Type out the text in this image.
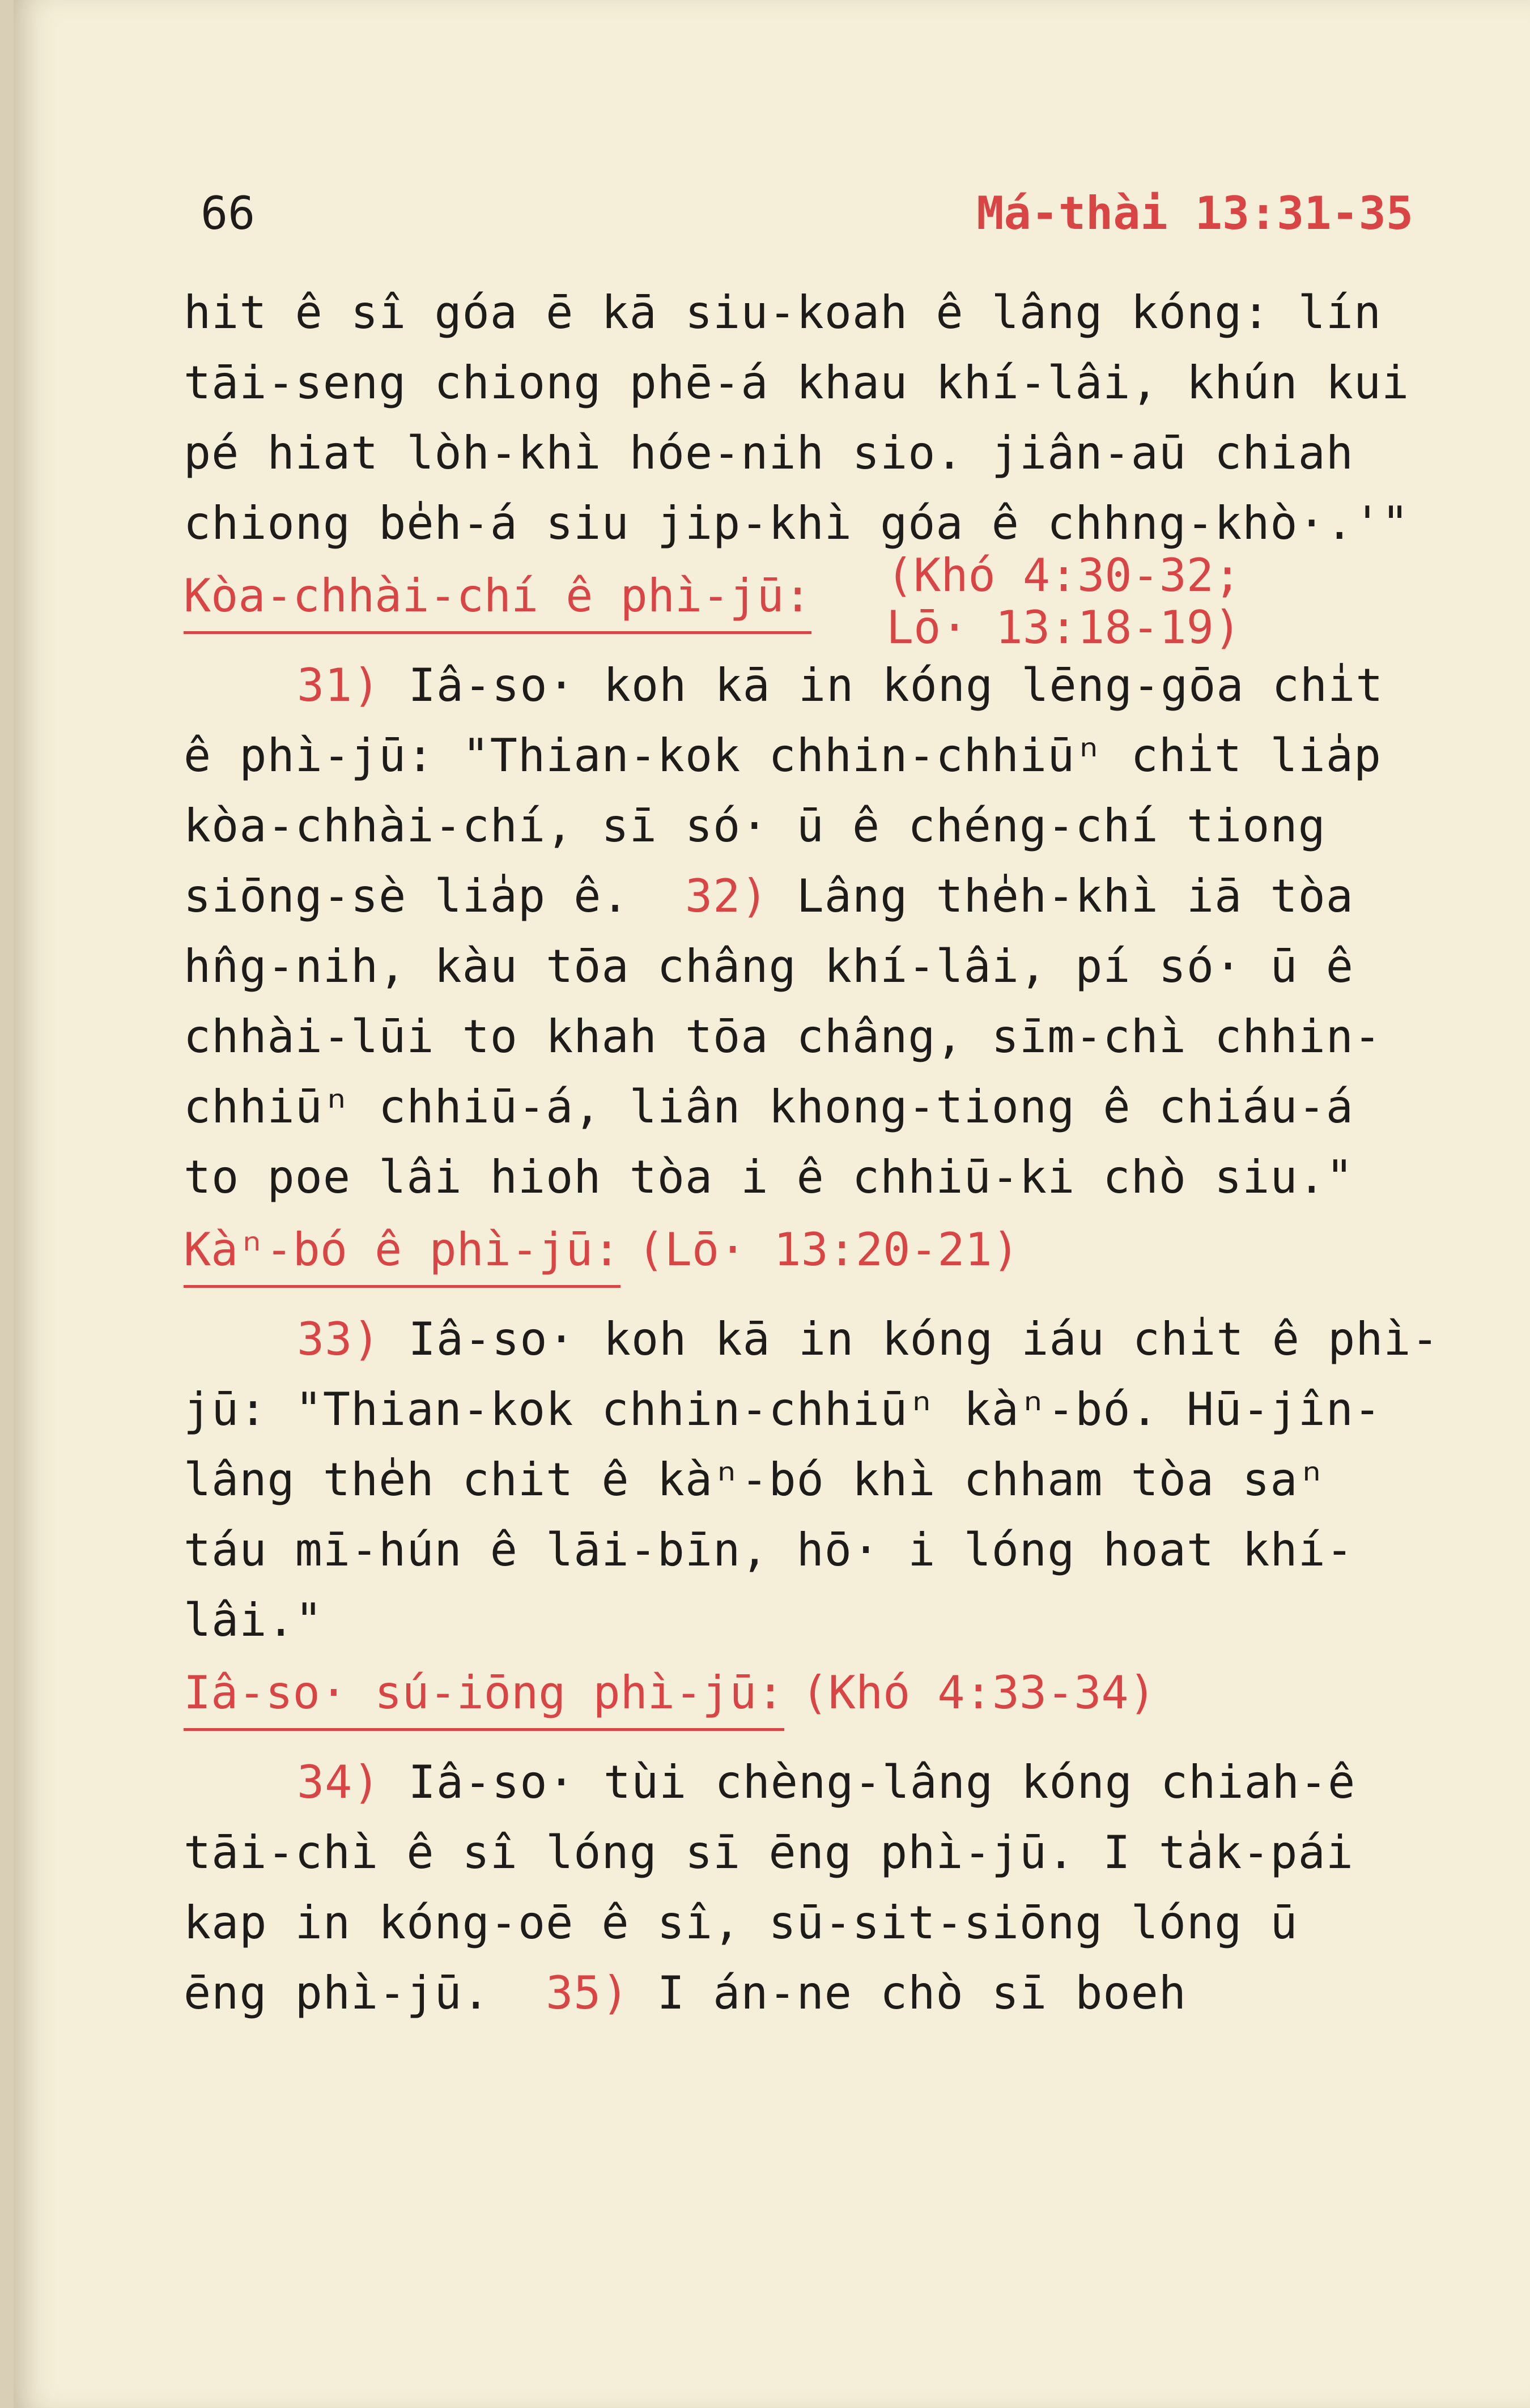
66	Má-thài 13:31-35
hit ê sî góa ē kā siu-koah ê lâng kóng: lín
tāi-seng chiong phē-á khau khí-lâi, khún kui
pé hiat lòh-khì hóe-nih sio. jiân-aū chiah
chiong be̍h-á siu jip-khì góa ê chhng-khò·.'"
Kòa-chhài-chí ê phì-jū: (Khó 4:30-32;
Lō· 13:18-19)
31) Iâ-so· koh kā in kóng lēng-gōa chi̍t
ê phì-jū: "Thian-kok chhin-chhiūⁿ chi̍t lia̍p
kòa-chhài-chí, sī só· ū ê chéng-chí tiong
siōng-sè lia̍p ê.  32) Lâng the̍h-khì iā tòa
hn̂g-nih, kàu tōa châng khí-lâi, pí só· ū ê
chhài-lūi to khah tōa châng, sīm-chì chhin-
chhiūⁿ chhiū-á, liân khong-tiong ê chiáu-á
to poe lâi hioh tòa i ê chhiū-ki chò siu."
Kàⁿ-bó ê phì-jū: (Lō· 13:20-21)
33) Iâ-so· koh kā in kóng iáu chi̍t ê phì-
jū: "Thian-kok chhin-chhiūⁿ kàⁿ-bó. Hū-jîn-
lâng the̍h chit ê kàⁿ-bó khì chham tòa saⁿ
táu mī-hún ê lāi-bīn, hō· i lóng hoat khí-
lâi."
Iâ-so· sú-iōng phì-jū: (Khó 4:33-34)
34) Iâ-so· tùi chèng-lâng kóng chiah-ê
tāi-chì ê sî lóng sī ēng phì-jū. I ta̍k-pái
kap in kóng-oē ê sî, sū-sit-siōng lóng ū
ēng phì-jū.  35) I án-ne chò sī boeh
